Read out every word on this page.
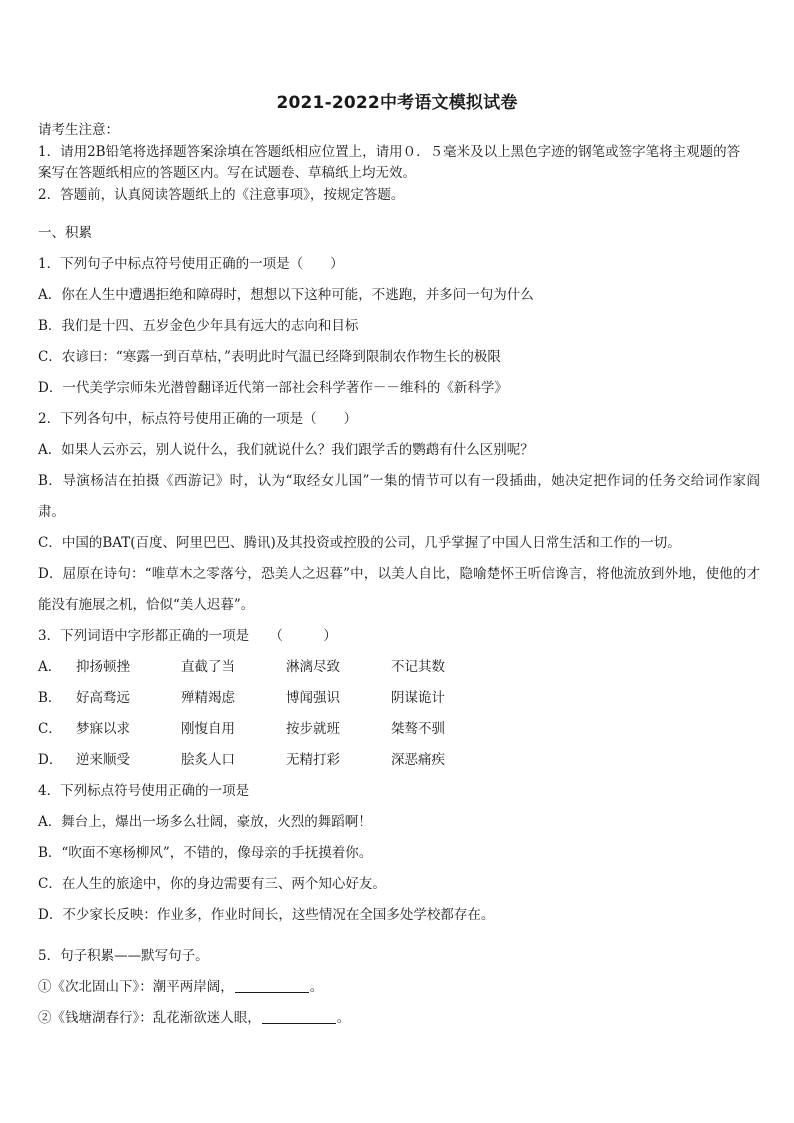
2021-2022中考语文模拟试卷
请考生注意：
1．请用2B铅笔将选择题答案涂填在答题纸相应位置上，请用０．５毫米及以上黑色字迹的钢笔或签字笔将主观题的答
案写在答题纸相应的答题区内。写在试题卷、草稿纸上均无效。
2．答题前，认真阅读答题纸上的《注意事项》，按规定答题。
一、积累
1．下列句子中标点符号使用正确的一项是（　　）
A．你在人生中遭遇拒绝和障碍时，想想以下这种可能，不逃跑，并多问一句为什么
B．我们是十四、五岁金色少年具有远大的志向和目标
C．农谚曰：“寒露一到百草枯，”表明此时气温已经降到限制农作物生长的极限
D．一代美学宗师朱光潜曾翻译近代第一部社会科学著作－－维科的《新科学》
2．下列各句中，标点符号使用正确的一项是（　　）
A．如果人云亦云，别人说什么，我们就说什么？我们跟学舌的鹦鹉有什么区别呢？
B．导演杨洁在拍摄《西游记》时，认为“取经女儿国”一集的情节可以有一段插曲，她决定把作词的任务交给词作家阎肃。
C．中国的BAT(百度、阿里巴巴、腾讯)及其投资或控股的公司，几乎掌握了中国人日常生活和工作的一切。
D．屈原在诗句：“唯草木之零落兮，恐美人之迟暮”中，以美人自比，隐喻楚怀王听信谗言，将他流放到外地，使他的才能没有施展之机，恰似“美人迟暮”。
3．下列词语中字形都正确的一项是　　（　　　）
A．	抑扬顿挫	直截了当	淋漓尽致	不记其数
B．	好高骛远	殚精竭虑	博闻强识	阴谋诡计
C．	梦寐以求	刚愎自用	按步就班	桀骜不驯
D．	逆来顺受	脍炙人口	无精打彩	深恶痛疾
4．下列标点符号使用正确的一项是
A．舞台上，爆出一场多么壮阔，豪放，火烈的舞蹈啊！
B．“吹面不寒杨柳风”，不错的，像母亲的手抚摸着你。
C．在人生的旅途中，你的身边需要有三、两个知心好友。
D．不少家长反映：作业多，作业时间长，这些情况在全国多处学校都存在。
5．句子积累——默写句子。
①《次北固山下》：潮平两岸阔，	。
②《钱塘湖春行》：乱花渐欲迷人眼，	。
